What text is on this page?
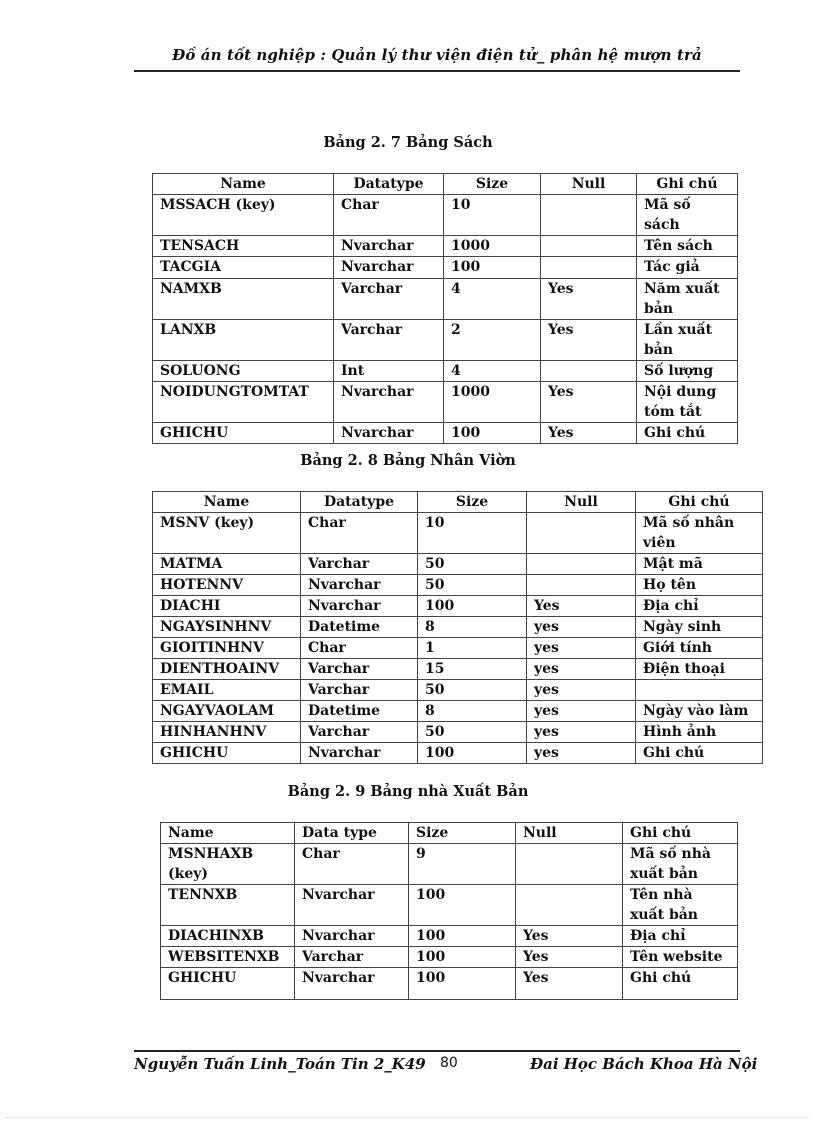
Đồ án tốt nghiệp : Quản lý thư viện điện tử_ phân hệ mượn trả
Bảng 2. 7 Bảng Sách
Name	Datatype	Size	Null	Ghi chú
MSSACH (key)	Char	10		Mã số sách
TENSACH	Nvarchar	1000		Tên sách
TACGIA	Nvarchar	100		Tác giả
NAMXB	Varchar	4	Yes	Năm xuất bản
LANXB	Varchar	2	Yes	Lần xuất bản
SOLUONG	Int	4		Số lượng
NOIDUNGTOMTAT	Nvarchar	1000	Yes	Nội dung tóm tắt
GHICHU	Nvarchar	100	Yes	Ghi chú
Bảng 2. 8 Bảng Nhân Viờn
Name	Datatype	Size	Null	Ghi chú
MSNV (key)	Char	10		Mã số nhân viên
MATMA	Varchar	50		Mật mã
HOTENNV	Nvarchar	50		Họ tên
DIACHI	Nvarchar	100	Yes	Địa chỉ
NGAYSINHNV	Datetime	8	yes	Ngày sinh
GIOITINHNV	Char	1	yes	Giới tính
DIENTHOAINV	Varchar	15	yes	Điện thoại
EMAIL	Varchar	50	yes	
NGAYVAOLAM	Datetime	8	yes	Ngày vào làm
HINHANHNV	Varchar	50	yes	Hình ảnh
GHICHU	Nvarchar	100	yes	Ghi chú
Bảng 2. 9 Bảng nhà Xuất Bản
Name	Data type	Size	Null	Ghi chú
MSNHAXB (key)	Char	9		Mã số nhà xuất bản
TENNXB	Nvarchar	100		Tên nhà xuất bản
DIACHINXB	Nvarchar	100	Yes	Địa chỉ
WEBSITENXB	Varchar	100	Yes	Tên website
GHICHU	Nvarchar	100	Yes	Ghi chú
Nguyễn Tuấn Linh_Toán Tin 2_K49 80	Đai Học Bách Khoa Hà Nội
